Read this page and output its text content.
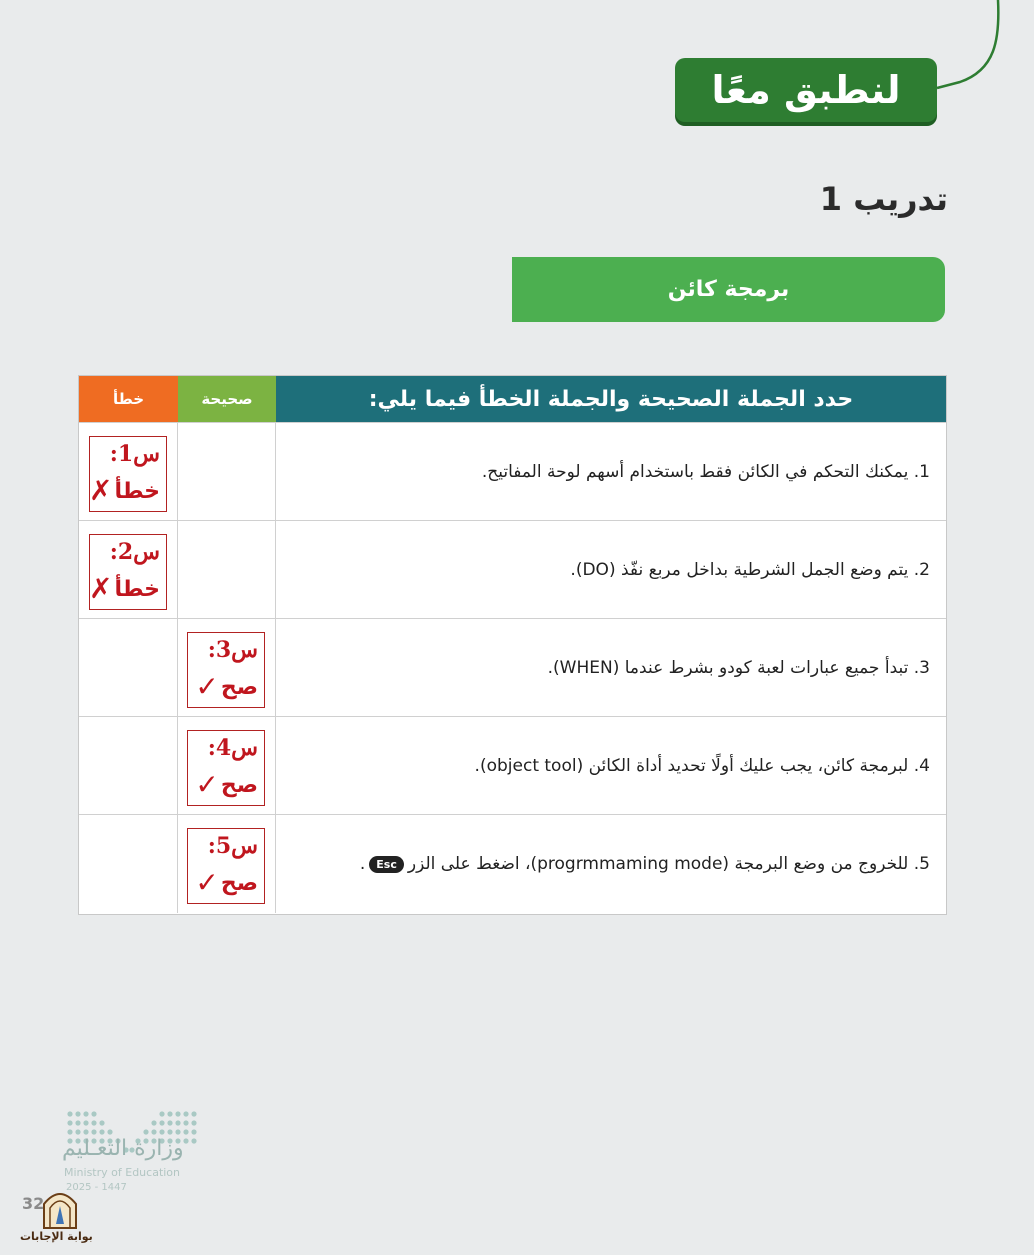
لنطبق معًا
تدريب 1
برمجة كائن
حدد الجملة الصحيحة والجملة الخطأ فيما يلي:
صحيحة
خطأ
1. يمكنك التحكم في الكائن فقط باستخدام أسهم لوحة المفاتيح.
س1:
خطأ
✗
2. يتم وضع الجمل الشرطية بداخل مربع نفّذ (DO).
س2:
خطأ
✗
3. تبدأ جميع عبارات لعبة كودو بشرط عندما (WHEN).
س3:
صح
✓
4. لبرمجة كائن، يجب عليك أولًا تحديد أداة الكائن (object tool).
س4:
صح
✓
5. للخروج من وضع البرمجة (progrmmaming mode)، اضغط على الزر
Esc
.
س5:
صح
✓
وزارة التعـليم
Ministry of Education
2025 - 1447
32
بوابة الإجابات
